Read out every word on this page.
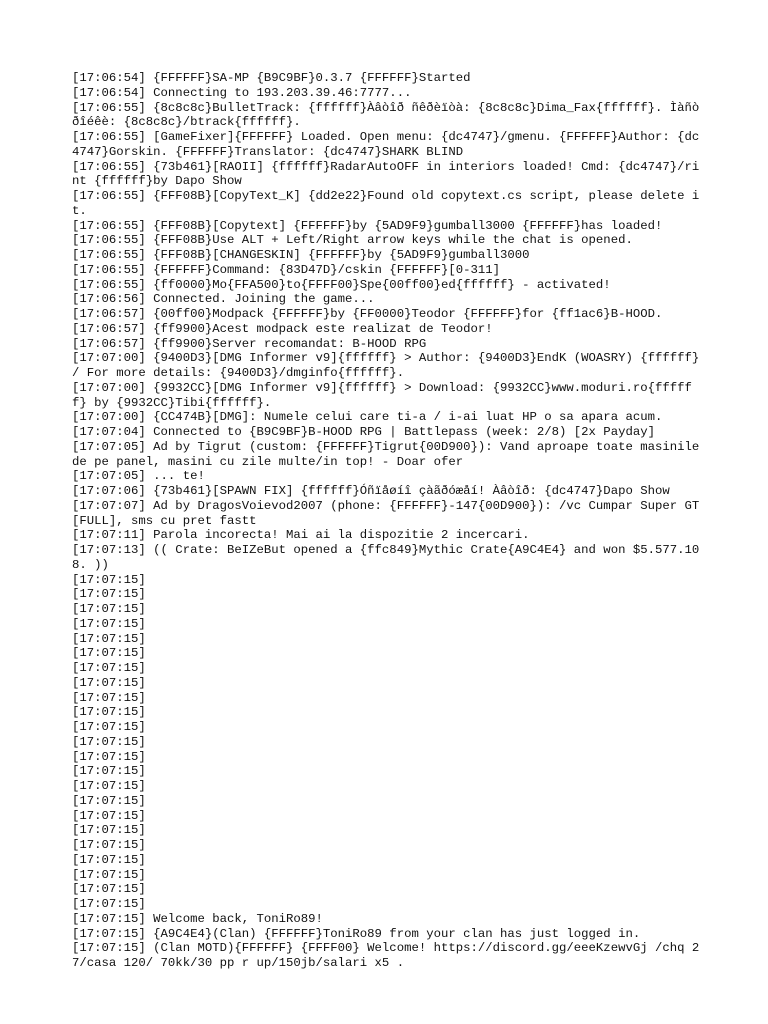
[17:06:54] {FFFFFF}SA-MP {B9C9BF}0.3.7 {FFFFFF}Started
[17:06:54] Connecting to 193.203.39.46:7777...
[17:06:55] {8c8c8c}BulletTrack: {ffffff}Àâòîð ñêðèïòà: {8c8c8c}Dima_Fax{ffffff}. Ìàñòðîéêè: {8c8c8c}/btrack{ffffff}.
[17:06:55] [GameFixer]{FFFFFF} Loaded. Open menu: {dc4747}/gmenu. {FFFFFF}Author: {dc4747}Gorskin. {FFFFFF}Translator: {dc4747}SHARK BLIND
[17:06:55] {73b461}[RAOII] {ffffff}RadarAutoOFF in interiors loaded! Cmd: {dc4747}/rint {ffffff}by Dapo Show
[17:06:55] {FFF08B}[CopyText_K] {dd2e22}Found old copytext.cs script, please delete it.
[17:06:55] {FFF08B}[Copytext] {FFFFFF}by {5AD9F9}gumball3000 {FFFFFF}has loaded!
[17:06:55] {FFF08B}Use ALT + Left/Right arrow keys while the chat is opened.
[17:06:55] {FFF08B}[CHANGESKIN] {FFFFFF}by {5AD9F9}gumball3000
[17:06:55] {FFFFFF}Command: {83D47D}/cskin {FFFFFF}[0-311]
[17:06:55] {ff0000}Mo{FFA500}to{FFFF00}Spe{00ff00}ed{ffffff} - activated!
[17:06:56] Connected. Joining the game...
[17:06:57] {00ff00}Modpack {FFFFFF}by {FF0000}Teodor {FFFFFF}for {ff1ac6}B-HOOD.
[17:06:57] {ff9900}Acest modpack este realizat de Teodor!
[17:06:57] {ff9900}Server recomandat: B-HOOD RPG
[17:07:00] {9400D3}[DMG Informer v9]{ffffff} > Author: {9400D3}EndK (WOASRY) {ffffff} / For more details: {9400D3}/dmginfo{ffffff}.
[17:07:00] {9932CC}[DMG Informer v9]{ffffff} > Download: {9932CC}www.moduri.ro{ffffff} by {9932CC}Tibi{ffffff}.
[17:07:00] {CC474B}[DMG]: Numele celui care ti-a / i-ai luat HP o sa apara acum.
[17:07:04] Connected to {B9C9BF}B-HOOD RPG | Battlepass (week: 2/8) [2x Payday]
[17:07:05] Ad by Tigrut (custom: {FFFFFF}Tigrut{00D900}): Vand aproape toate masinile de pe panel, masini cu zile multe/in top! - Doar ofer
[17:07:05] ... te!
[17:07:06] {73b461}[SPAWN FIX] {ffffff}Óñïåøíî çàãðóæåí! Àâòîð: {dc4747}Dapo Show
[17:07:07] Ad by DragosVoievod2007 (phone: {FFFFFF}-147{00D900}): /vc Cumpar Super GT [FULL], sms cu pret fastt
[17:07:11] Parola incorecta! Mai ai la dispozitie 2 incercari.
[17:07:13] (( Crate: BeIZeBut opened a {ffc849}Mythic Crate{A9C4E4} and won $5.577.108. ))
[17:07:15]
[17:07:15]
[17:07:15]
[17:07:15]
[17:07:15]
[17:07:15]
[17:07:15]
[17:07:15]
[17:07:15]
[17:07:15]
[17:07:15]
[17:07:15]
[17:07:15]
[17:07:15]
[17:07:15]
[17:07:15]
[17:07:15]
[17:07:15]
[17:07:15]
[17:07:15]
[17:07:15]
[17:07:15]
[17:07:15]
[17:07:15] Welcome back, ToniRo89!
[17:07:15] {A9C4E4}(Clan) {FFFFFF}ToniRo89 from your clan has just logged in.
[17:07:15] (Clan MOTD){FFFFFF} {FFFF00} Welcome! https://discord.gg/eeeKzewvGj /chq 27/casa 120/ 70kk/30 pp r up/150jb/salari x5 .
